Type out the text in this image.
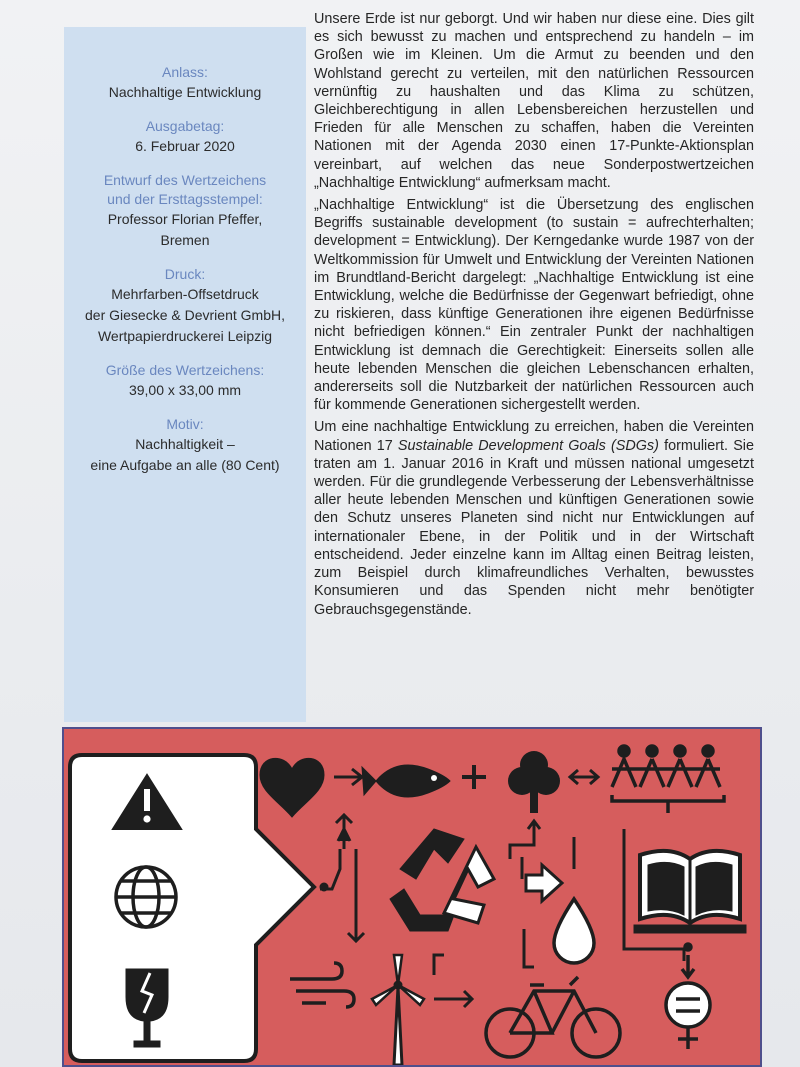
Anlass:
Nachhaltige Entwicklung
Ausgabetag:
6. Februar 2020
Entwurf des Wertzeichens
und der Ersttagsstempel:
Professor Florian Pfeffer,
Bremen
Druck:
Mehrfarben-Offsetdruck
der Giesecke & Devrient GmbH,
Wertpapierdruckerei Leipzig
Größe des Wertzeichens:
39,00 x 33,00 mm
Motiv:
Nachhaltigkeit –
eine Aufgabe an alle (80 Cent)

Unsere Erde ist nur geborgt. Und wir haben nur diese eine. Dies gilt es sich bewusst zu machen und entsprechend zu handeln – im Großen wie im Kleinen. Um die Armut zu beenden und den Wohlstand gerecht zu verteilen, mit den natürlichen Ressourcen vernünftig zu haushalten und das Klima zu schützen, Gleichberechtigung in allen Lebensbereichen herzustellen und Frieden für alle Menschen zu schaffen, haben die Vereinten Nationen mit der Agenda 2030 einen 17-Punkte-Aktionsplan vereinbart, auf welchen das neue Sonderpostwertzeichen „Nachhaltige Entwicklung“ aufmerksam macht.

„Nachhaltige Entwicklung“ ist die Übersetzung des englischen Begriffs sustainable development (to sustain = aufrechterhalten; development = Entwicklung). Der Kerngedanke wurde 1987 von der Weltkommission für Umwelt und Entwicklung der Vereinten Nationen im Brundtland-Bericht dargelegt: „Nachhaltige Entwicklung ist eine Entwicklung, welche die Bedürfnisse der Gegenwart befriedigt, ohne zu riskieren, dass künftige Generationen ihre eigenen Bedürfnisse nicht befriedigen können.“ Ein zentraler Punkt der nachhaltigen Entwicklung ist demnach die Gerechtigkeit: Einerseits sollen alle heute lebenden Menschen die gleichen Lebenschancen erhalten, andererseits soll die Nutzbarkeit der natürlichen Ressourcen auch für kommende Generationen sichergestellt werden.

Um eine nachhaltige Entwicklung zu erreichen, haben die Vereinten Nationen 17 Sustainable Development Goals (SDGs) formuliert. Sie traten am 1. Januar 2016 in Kraft und müssen national umgesetzt werden. Für die grundlegende Verbesserung der Lebensverhältnisse aller heute lebenden Menschen und künftigen Generationen sowie den Schutz unseres Planeten sind nicht nur Entwicklungen auf internationaler Ebene, in der Politik und in der Wirtschaft entscheidend. Jeder einzelne kann im Alltag einen Beitrag leisten, zum Beispiel durch klimafreundliches Verhalten, bewusstes Konsumieren und das Spenden nicht mehr benötigter Gebrauchsgegenstände.
